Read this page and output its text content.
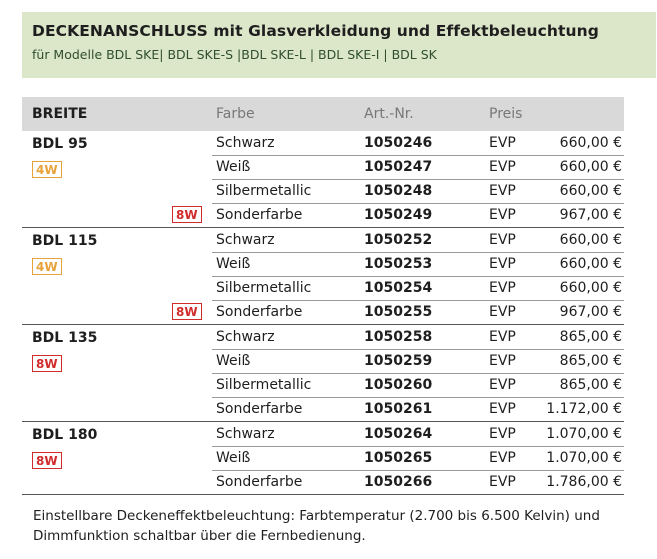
DECKENANSCHLUSS mit Glasverkleidung und Effektbeleuchtung
für Modelle BDL SKE| BDL SKE-S |BDL SKE-L | BDL SKE-I | BDL SK
BREITE	Farbe	Art.-Nr.	Preis
BDL 95
4W
Schwarz	1050246	EVP	660,00 €
Weiß	1050247	EVP	660,00 €
Silbermetallic	1050248	EVP	660,00 €
Sonderfarbe	1050249	EVP	967,00 €
8W
BDL 115
4W
Schwarz	1050252	EVP	660,00 €
Weiß	1050253	EVP	660,00 €
Silbermetallic	1050254	EVP	660,00 €
Sonderfarbe	1050255	EVP	967,00 €
8W
BDL 135
8W
Schwarz	1050258	EVP	865,00 €
Weiß	1050259	EVP	865,00 €
Silbermetallic	1050260	EVP	865,00 €
Sonderfarbe	1050261	EVP 1.172,00 €
BDL 180
8W
Schwarz	1050264	EVP 1.070,00 €
Weiß	1050265	EVP 1.070,00 €
Sonderfarbe	1050266	EVP 1.786,00 €
Einstellbare Deckeneffektbeleuchtung: Farbtemperatur (2.700 bis 6.500 Kelvin) und Dimmfunktion schaltbar über die Fernbedienung.
